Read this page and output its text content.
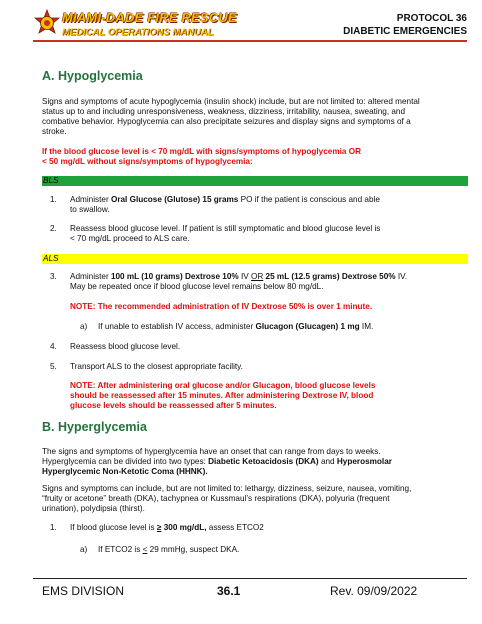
MIAMI-DADE FIRE RESCUE
MEDICAL OPERATIONS MANUAL
PROTOCOL 36
DIABETIC EMERGENCIES
A. Hypoglycemia
Signs and symptoms of acute hypoglycemia (insulin shock) include, but are not limited to: altered mental
status up to and including unresponsiveness, weakness, dizziness, irritability, nausea, sweating, and
combative behavior. Hypoglycemia can also precipitate seizures and display signs and symptoms of a
stroke.
If the blood glucose level is < 70 mg/dL with signs/symptoms of hypoglycemia OR
< 50 mg/dL without signs/symptoms of hypoglycemia:
BLS
1. Administer Oral Glucose (Glutose) 15 grams PO if the patient is conscious and able
to swallow.
2. Reassess blood glucose level. If patient is still symptomatic and blood glucose level is
< 70 mg/dL proceed to ALS care.
ALS
3. Administer 100 mL (10 grams) Dextrose 10% IV OR 25 mL (12.5 grams) Dextrose 50% IV.
May be repeated once if blood glucose level remains below 80 mg/dL.
NOTE: The recommended administration of IV Dextrose 50% is over 1 minute.
a) If unable to establish IV access, administer Glucagon (Glucagen) 1 mg IM.
4. Reassess blood glucose level.
5. Transport ALS to the closest appropriate facility.
NOTE: After administering oral glucose and/or Glucagon, blood glucose levels
should be reassessed after 15 minutes. After administering Dextrose IV, blood
glucose levels should be reassessed after 5 minutes.
B. Hyperglycemia
The signs and symptoms of hyperglycemia have an onset that can range from days to weeks.
Hyperglycemia can be divided into two types: Diabetic Ketoacidosis (DKA) and Hyperosmolar
Hyperglycemic Non-Ketotic Coma (HHNK).
Signs and symptoms can include, but are not limited to: lethargy, dizziness, seizure, nausea, vomiting,
“fruity or acetone” breath (DKA), tachypnea or Kussmaul’s respirations (DKA), polyuria (frequent
urination), polydipsia (thirst).
1. If blood glucose level is ≥ 300 mg/dL, assess ETCO2
a) If ETCO2 is < 29 mmHg, suspect DKA.
EMS DIVISION	36.1	Rev. 09/09/2022
